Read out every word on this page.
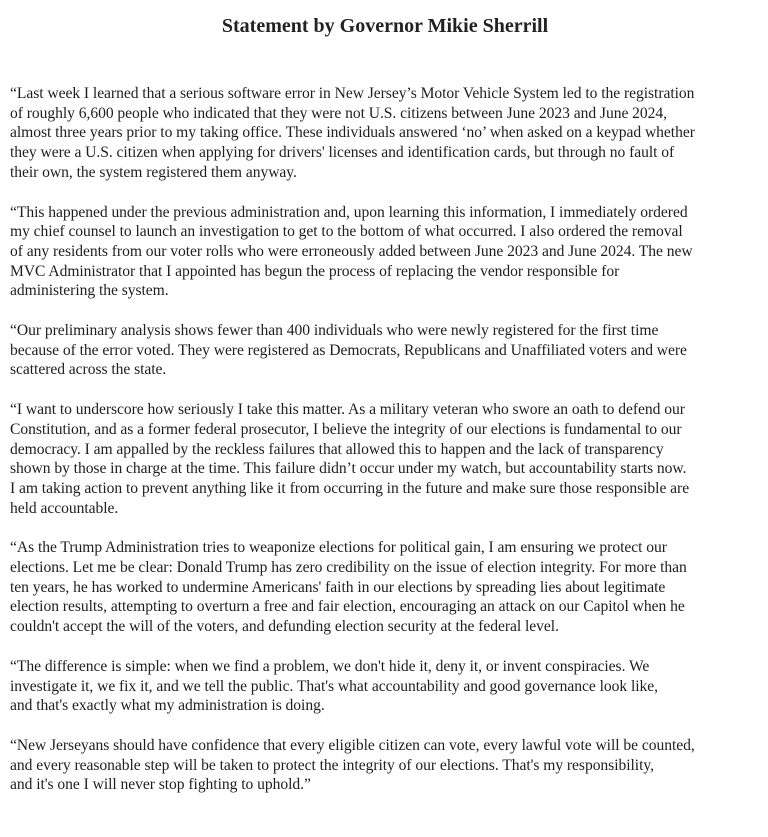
Statement by Governor Mikie Sherrill
“Last week I learned that a serious software error in New Jersey’s Motor Vehicle System led to the registration
of roughly 6,600 people who indicated that they were not U.S. citizens between June 2023 and June 2024,
almost three years prior to my taking office. These individuals answered ‘no’ when asked on a keypad whether
they were a U.S. citizen when applying for drivers' licenses and identification cards, but through no fault of
their own, the system registered them anyway.
“This happened under the previous administration and, upon learning this information, I immediately ordered
my chief counsel to launch an investigation to get to the bottom of what occurred. I also ordered the removal
of any residents from our voter rolls who were erroneously added between June 2023 and June 2024. The new
MVC Administrator that I appointed has begun the process of replacing the vendor responsible for
administering the system.
“Our preliminary analysis shows fewer than 400 individuals who were newly registered for the first time
because of the error voted. They were registered as Democrats, Republicans and Unaffiliated voters and were
scattered across the state.
“I want to underscore how seriously I take this matter. As a military veteran who swore an oath to defend our
Constitution, and as a former federal prosecutor, I believe the integrity of our elections is fundamental to our
democracy. I am appalled by the reckless failures that allowed this to happen and the lack of transparency
shown by those in charge at the time. This failure didn’t occur under my watch, but accountability starts now.
I am taking action to prevent anything like it from occurring in the future and make sure those responsible are
held accountable.
“As the Trump Administration tries to weaponize elections for political gain, I am ensuring we protect our
elections. Let me be clear: Donald Trump has zero credibility on the issue of election integrity. For more than
ten years, he has worked to undermine Americans' faith in our elections by spreading lies about legitimate
election results, attempting to overturn a free and fair election, encouraging an attack on our Capitol when he
couldn't accept the will of the voters, and defunding election security at the federal level.
“The difference is simple: when we find a problem, we don't hide it, deny it, or invent conspiracies. We
investigate it, we fix it, and we tell the public. That's what accountability and good governance look like,
and that's exactly what my administration is doing.
“New Jerseyans should have confidence that every eligible citizen can vote, every lawful vote will be counted,
and every reasonable step will be taken to protect the integrity of our elections. That's my responsibility,
and it's one I will never stop fighting to uphold.”
